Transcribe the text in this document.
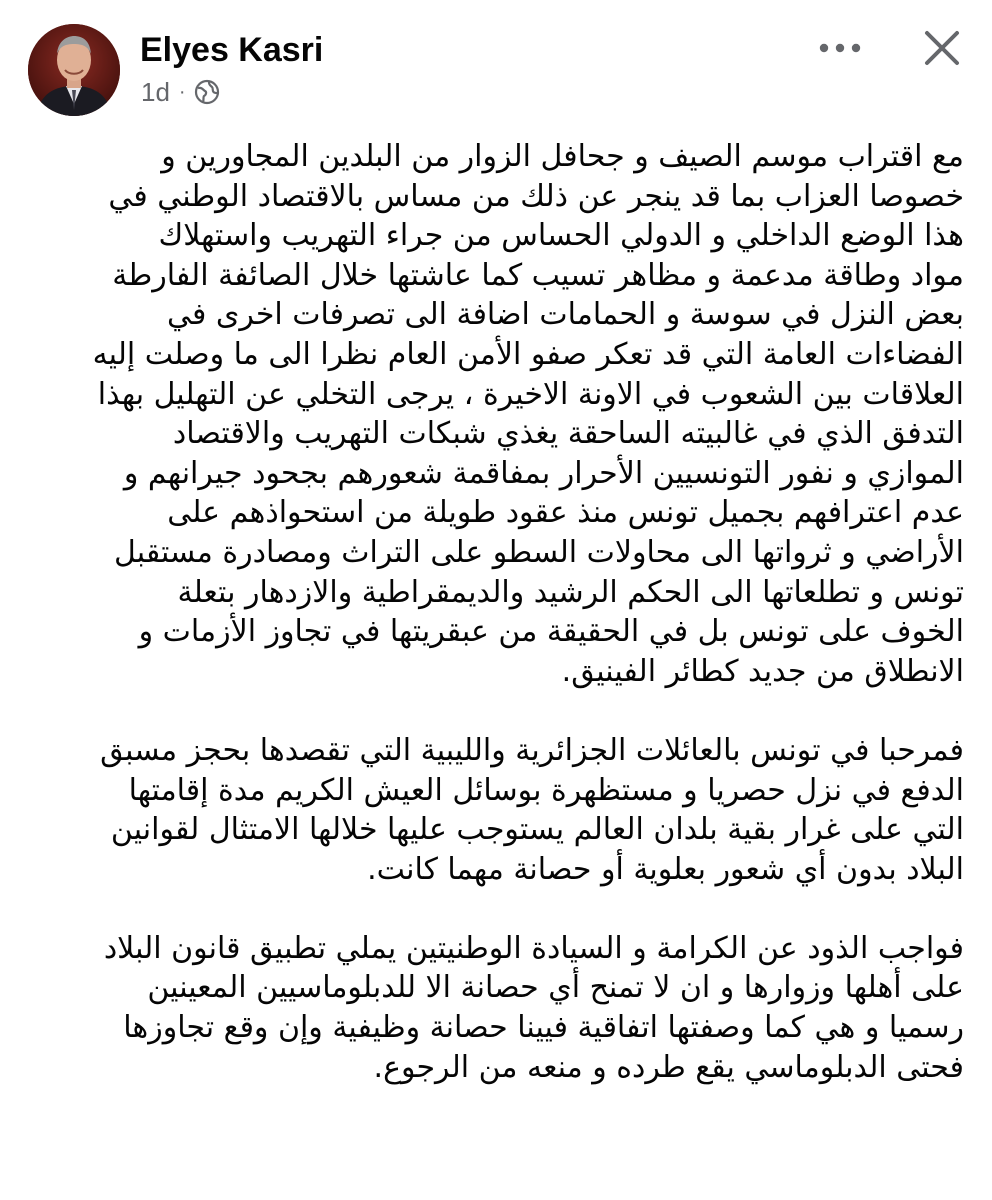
Elyes Kasri
1d ·
مع اقتراب موسم الصيف و جحافل الزوار من البلدين المجاورين و
خصوصا العزاب بما قد ينجر عن ذلك من مساس بالاقتصاد الوطني في
هذا الوضع الداخلي و الدولي الحساس من جراء التهريب واستهلاك
مواد وطاقة مدعمة و مظاهر تسيب كما عاشتها خلال الصائفة الفارطة
بعض النزل في سوسة و الحمامات اضافة الى تصرفات اخرى في
الفضاءات العامة التي قد تعكر صفو الأمن العام نظرا الى ما وصلت إليه
العلاقات بين الشعوب في الاونة الاخيرة ، يرجى التخلي عن التهليل بهذا
التدفق الذي في غالبيته الساحقة يغذي شبكات التهريب والاقتصاد
الموازي و نفور التونسيين الأحرار بمفاقمة شعورهم بجحود جيرانهم و
عدم اعترافهم بجميل تونس منذ عقود طويلة من استحواذهم على
الأراضي و ثرواتها الى محاولات السطو على التراث ومصادرة مستقبل
تونس و تطلعاتها الى الحكم الرشيد والديمقراطية والازدهار بتعلة
الخوف على تونس بل في الحقيقة من عبقريتها في تجاوز الأزمات و
الانطلاق من جديد كطائر الفينيق.
فمرحبا في تونس بالعائلات الجزائرية والليبية التي تقصدها بحجز مسبق
الدفع في نزل حصريا و مستظهرة بوسائل العيش الكريم مدة إقامتها
التي على غرار بقية بلدان العالم يستوجب عليها خلالها الامتثال لقوانين
البلاد بدون أي شعور بعلوية أو حصانة مهما كانت.
فواجب الذود عن الكرامة و السيادة الوطنيتين يملي تطبيق قانون البلاد
على أهلها وزوارها و ان لا تمنح أي حصانة الا للدبلوماسيين المعينين
رسميا و هي كما وصفتها اتفاقية فيينا حصانة وظيفية وإن وقع تجاوزها
فحتى الدبلوماسي يقع طرده و منعه من الرجوع.
